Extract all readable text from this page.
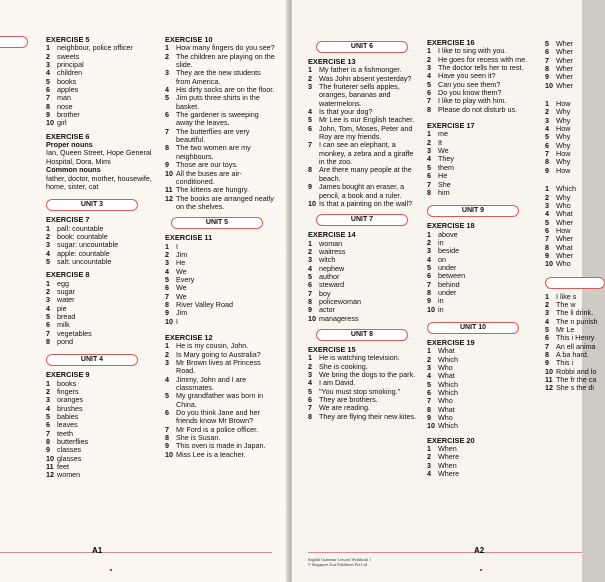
EXERCISE 5
1 neighbour, police officer
2 sweets
3 principal
4 children
5 books
6 apples
7 man
8 nose
9 brother
10 girl
EXERCISE 6
Proper nouns
Ian, Queen Street, Hope General Hospital, Dora, Mimi
Common nouns
father, doctor, mother, housewife, home, sister, cat
UNIT 3
EXERCISE 7
1 pall: countable
2 book: countable
3 sugar: uncountable
4 apple: countable
5 salt: uncountable
EXERCISE 8
1 egg
2 sugar
3 water
4 pie
5 bread
6 milk
7 vegetables
8 pond
UNIT 4
EXERCISE 9
1 books
2 fingers
3 oranges
4 brushes
5 babies
6 leaves
7 teeth
8 butterflies
9 classes
10 glasses
11 feet
12 women
EXERCISE 10
1 How many fingers do you see?
2 The children are playing on the slide.
3 They are the new students from America.
4 His dirty socks are on the floor.
5 Jim puts three shirts in the basket.
6 The gardener is sweeping away the leaves.
7 The butterflies are very beautiful.
8 The two women are my neighbours.
9 Those are our toys.
10 All the buses are air-conditioned.
11 The kittens are hungry.
12 The books are arranged neatly on the shelves.
UNIT 5
EXERCISE 11
1 I
2 Jim
3 He
4 We
5 Every
6 We
7 We
8 River Valley Road
9 Jim
10 I
EXERCISE 12
1 He is my cousin, John.
2 Is Mary going to Australia?
3 Mr Brown lives at Princess Road.
4 Jimmy, John and I are classmates.
5 My grandfather was born in China.
6 Do you think Jane and her friends know Mr Brown?
7 Mr Ford is a police officer.
8 She is Susan.
9 This oven is made in Japan.
10 Miss Lee is a teacher.
A1
UNIT 6
EXERCISE 13
1 My father is a fishmonger.
2 Was John absent yesterday?
3 The fruiterer sells apples, oranges, bananas and watermelons.
4 Is that your dog?
5 Mr Lee is our English teacher.
6 John, Tom, Moses, Peter and Roy are my friends.
7 I can see an elephant, a monkey, a zebra and a giraffe in the zoo.
8 Are there many people at the beach.
9 James bought an eraser, a pencil, a book and a ruler.
10 Is that a painting on the wall?
UNIT 7
EXERCISE 14
1 woman
2 waitress
3 witch
4 nephew
5 author
6 steward
7 boy
8 policewoman
9 actor
10 manageress
UNIT 8
EXERCISE 15
1 He is watching television.
2 She is cooking.
3 We bring the dogs to the park.
4 I am David.
5 "You must stop smoking."
6 They are brothers.
7 We are reading.
8 They are flying their new kites.
EXERCISE 16
1 I like to sing with you.
2 He goes for recess with me.
3 The doctor tells her to rest.
4 Have you seen it?
5 Can you see them?
6 Do you know them?
7 I like to play with him.
8 Please do not disturb us.
EXERCISE 17
1 me
2 It
3 We
4 They
5 them
6 He
7 She
8 him
UNIT 9
EXERCISE 18
1 above
2 in
3 beside
4 on
5 under
6 between
7 behind
8 under
9 in
10 in
UNIT 10
EXERCISE 19
1 What
2 Which
3 Who
4 What
5 Which
6 Which
7 Who
8 What
9 Who
10 Which
EXERCISE 20
1 When
2 Where
3 When
4 Where
5 Wher
6 Wher
7 Wher
8 Wher
9 Wher
10 Wher
1 How
2 Why
3 Why
4 How
5 Why
6 Why
7 How
8 Why
9 How
1 Which
2 Why
3 Who
4 What
5 Wher
6 How
7 Wher
8 What
9 Wher
10 Who
1 I like s
2 The w
3 The li drink.
4 The n punish
5 Mr Le
6 This i Henry
7 An ell anima
8 A ba hard.
9 This i
10 Robbi and lo
11 The fr the ca
12 She s the di
English Grammar Lessons Workbook 1
© Singapore Asia Publishers Pte Ltd
A2
